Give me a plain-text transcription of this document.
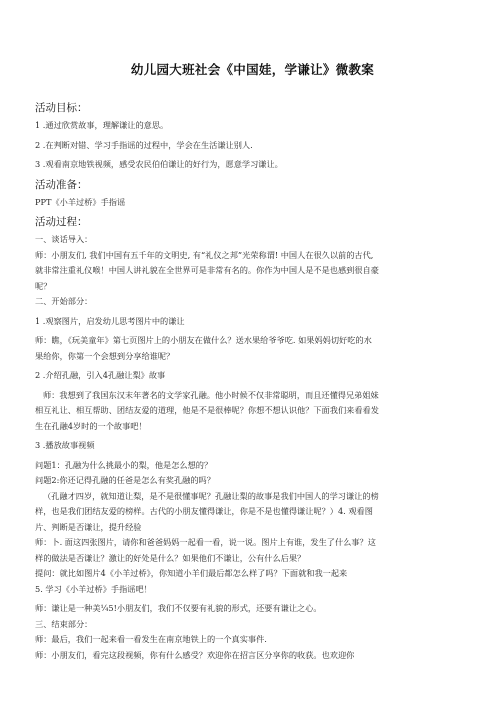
幼儿园大班社会《中国娃，学谦让》微教案
活动目标：

1 .通过欣赏故事，理解谦让的意思。

2 .在判断对错、学习手指谣的过程中，学会在生活谦让别人.

3 .观看南京地铁视频，感受农民伯伯谦让的好行为，愿意学习谦让。

活动准备：

PPT《小羊过桥》手指谣

活动过程：

一、谈话导入：

师：小朋友们, 我们中国有五千年的文明史, 有“礼仪之邦”光荣称谓! 中国人在很久以前的古代,

就非常注重礼仪喉！中国人讲礼貌在全世界可是非常有名的。你作为中国人是不是也感到很自豪

呢？

二、开始部分：

1 .观察图片，启发幼儿思考图片中的谦让

师：瞧，《玩美童年》第七页图片上的小朋友在做什么？送水果给爷爷吃. 如果妈妈切好吃的水

果给你，你第一个会想到分享给谁呢？

2 .介绍孔融，引入4孔融让梨》故事

师：我想到了我国东汉末年著名的文学家孔融。他小时候不仅非常聪明，而且还懂得兄弟姐妹

相互礼让、相互帮助、团结友爱的道理，他是不是很棒呢？你想不想认识他？下面我们来看看发

生在孔融4岁时的一个故事吧！

3 .播放故事视频

问题1：孔融为什么挑最小的梨，他是怎么想的？

问题2:你还记得孔融的任爸是怎么有奖孔融的吗？

（孔融才四岁，就知道让梨，是不是很懂事呢？孔融让梨的故事是我们中国人的学习谦让的榜

样，也是我们团结友爱的榜样。古代的小朋友懂得谦让，你是不是也懂得谦让呢？）4. 观看图

片、判断是否谦让，提升经验

师：卜. 面这四张图片，请你和爸爸妈妈一起看一看，说一说。图片上有谁，发生了什么事？这

样的做法是否谦让？激让的好处是什么？如果他们不谦让，公有什么后果？

提问：就比如图片4《小羊过桥》，你知道小羊们最后都怎么样了吗？下面就和我一起来

5. 学习《小羊过桥》手指谣吧！

师：谦让是一种美¼5!小朋友们，我们不仅要有礼貌的形式，还要有谦让之心。

三、结束部分：

师：最后，我们一起来看一看发生在南京地铁上的一个真实事件.

师：小朋友们，看完这段视频，你有什么感受？欢迎你在招言区分享你的收获。也欢迎你
